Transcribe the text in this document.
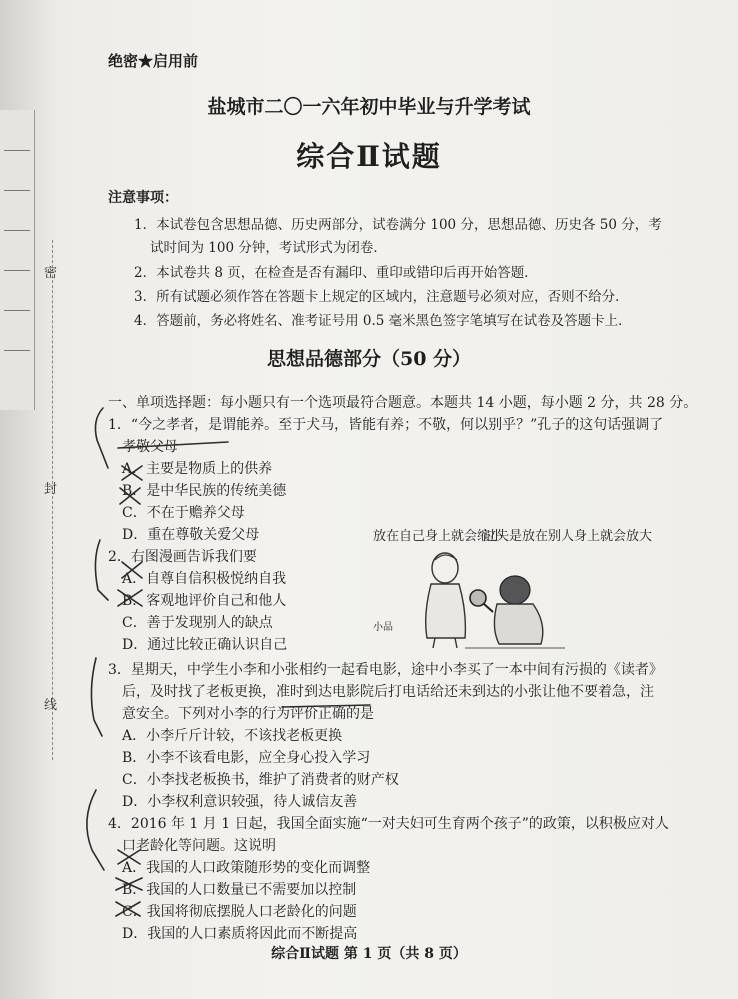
密
封
线
绝密★启用前
盐城市二〇一六年初中毕业与升学考试
综合Ⅱ试题
注意事项：
1．本试卷包含思想品德、历史两部分，试卷满分 100 分，思想品德、历史各 50 分，考
试时间为 100 分钟，考试形式为闭卷．
2．本试卷共 8 页，在检查是否有漏印、重印或错印后再开始答题．
3．所有试题必须作答在答题卡上规定的区域内，注意题号必须对应，否则不给分．
4．答题前，务必将姓名、准考证号用 0.5 毫米黑色签字笔填写在试卷及答题卡上．
思想品德部分（50 分）
一、单项选择题：每小题只有一个选项最符合题意。本题共 14 小题，每小题 2 分，共 28 分。
1．“今之孝者，是谓能养。至于犬马，皆能有养；不敬，何以别乎？”孔子的这句话强调了
孝敬父母
A．主要是物质上的供养
B．是中华民族的传统美德
C．不在于赡养父母
D．重在尊敬关爱父母
2．右图漫画告诉我们要
A．自尊自信积极悦纳自我
B．客观地评价自己和他人
C．善于发现别人的缺点
D．通过比较正确认识自己
3．星期天，中学生小李和小张相约一起看电影，途中小李买了一本中间有污损的《读者》
后，及时找了老板更换，准时到达电影院后打电话给还未到达的小张让他不要着急，注
意安全。下列对小李的行为评价正确的是
A．小李斤斤计较，不该找老板更换
B．小李不该看电影，应全身心投入学习
C．小李找老板换书，维护了消费者的财产权
D．小李权利意识较强，待人诚信友善
4．2016 年 1 月 1 日起，我国全面实施“一对夫妇可生育两个孩子”的政策，以积极应对人
口老龄化等问题。这说明
A．我国的人口政策随形势的变化而调整
B．我国的人口数量已不需要加以控制
C．我国将彻底摆脱人口老龄化的问题
D．我国的人口素质将因此而不断提高
放在自己身上就会缩小
过失是放在别人身上就会放大
小品
综合Ⅱ试题 第 1 页（共 8 页）
